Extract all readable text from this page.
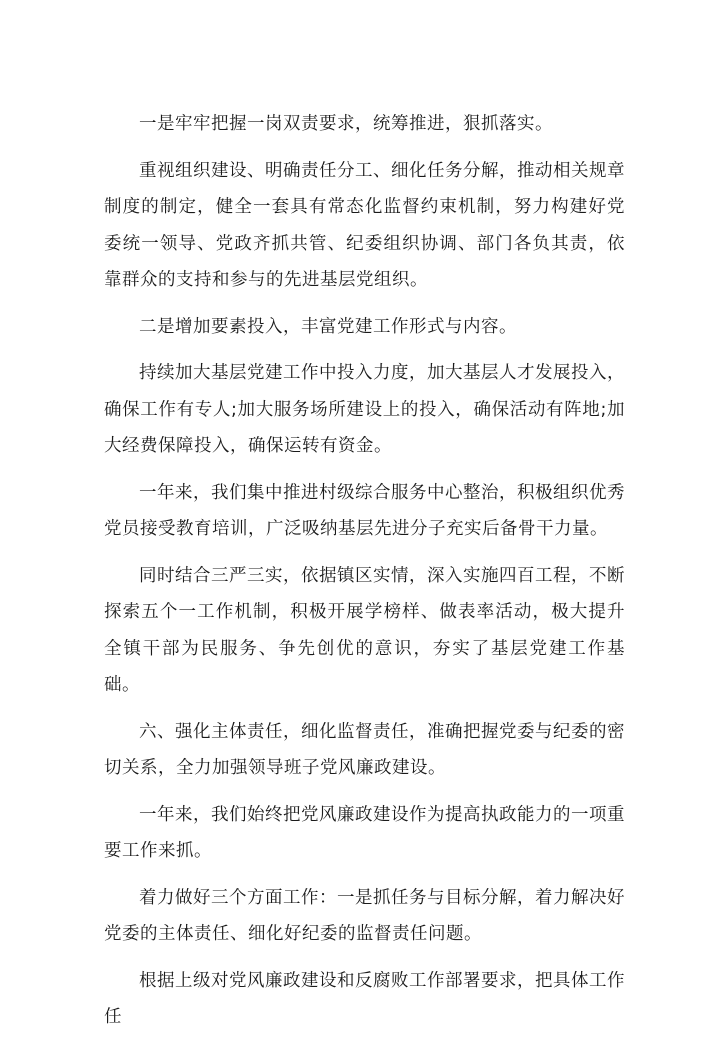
一是牢牢把握一岗双责要求，统筹推进，狠抓落实。

重视组织建设、明确责任分工、细化任务分解，推动相关规章制度的制定，健全一套具有常态化监督约束机制，努力构建好党委统一领导、党政齐抓共管、纪委组织协调、部门各负其责，依靠群众的支持和参与的先进基层党组织。

二是增加要素投入，丰富党建工作形式与内容。

持续加大基层党建工作中投入力度，加大基层人才发展投入，确保工作有专人;加大服务场所建设上的投入，确保活动有阵地;加大经费保障投入，确保运转有资金。

一年来，我们集中推进村级综合服务中心整治，积极组织优秀党员接受教育培训，广泛吸纳基层先进分子充实后备骨干力量。

同时结合三严三实，依据镇区实情，深入实施四百工程，不断探索五个一工作机制，积极开展学榜样、做表率活动，极大提升全镇干部为民服务、争先创优的意识，夯实了基层党建工作基础。

六、强化主体责任，细化监督责任，准确把握党委与纪委的密切关系，全力加强领导班子党风廉政建设。

一年来，我们始终把党风廉政建设作为提高执政能力的一项重要工作来抓。

着力做好三个方面工作：一是抓任务与目标分解，着力解决好党委的主体责任、细化好纪委的监督责任问题。

根据上级对党风廉政建设和反腐败工作部署要求，把具体工作任
